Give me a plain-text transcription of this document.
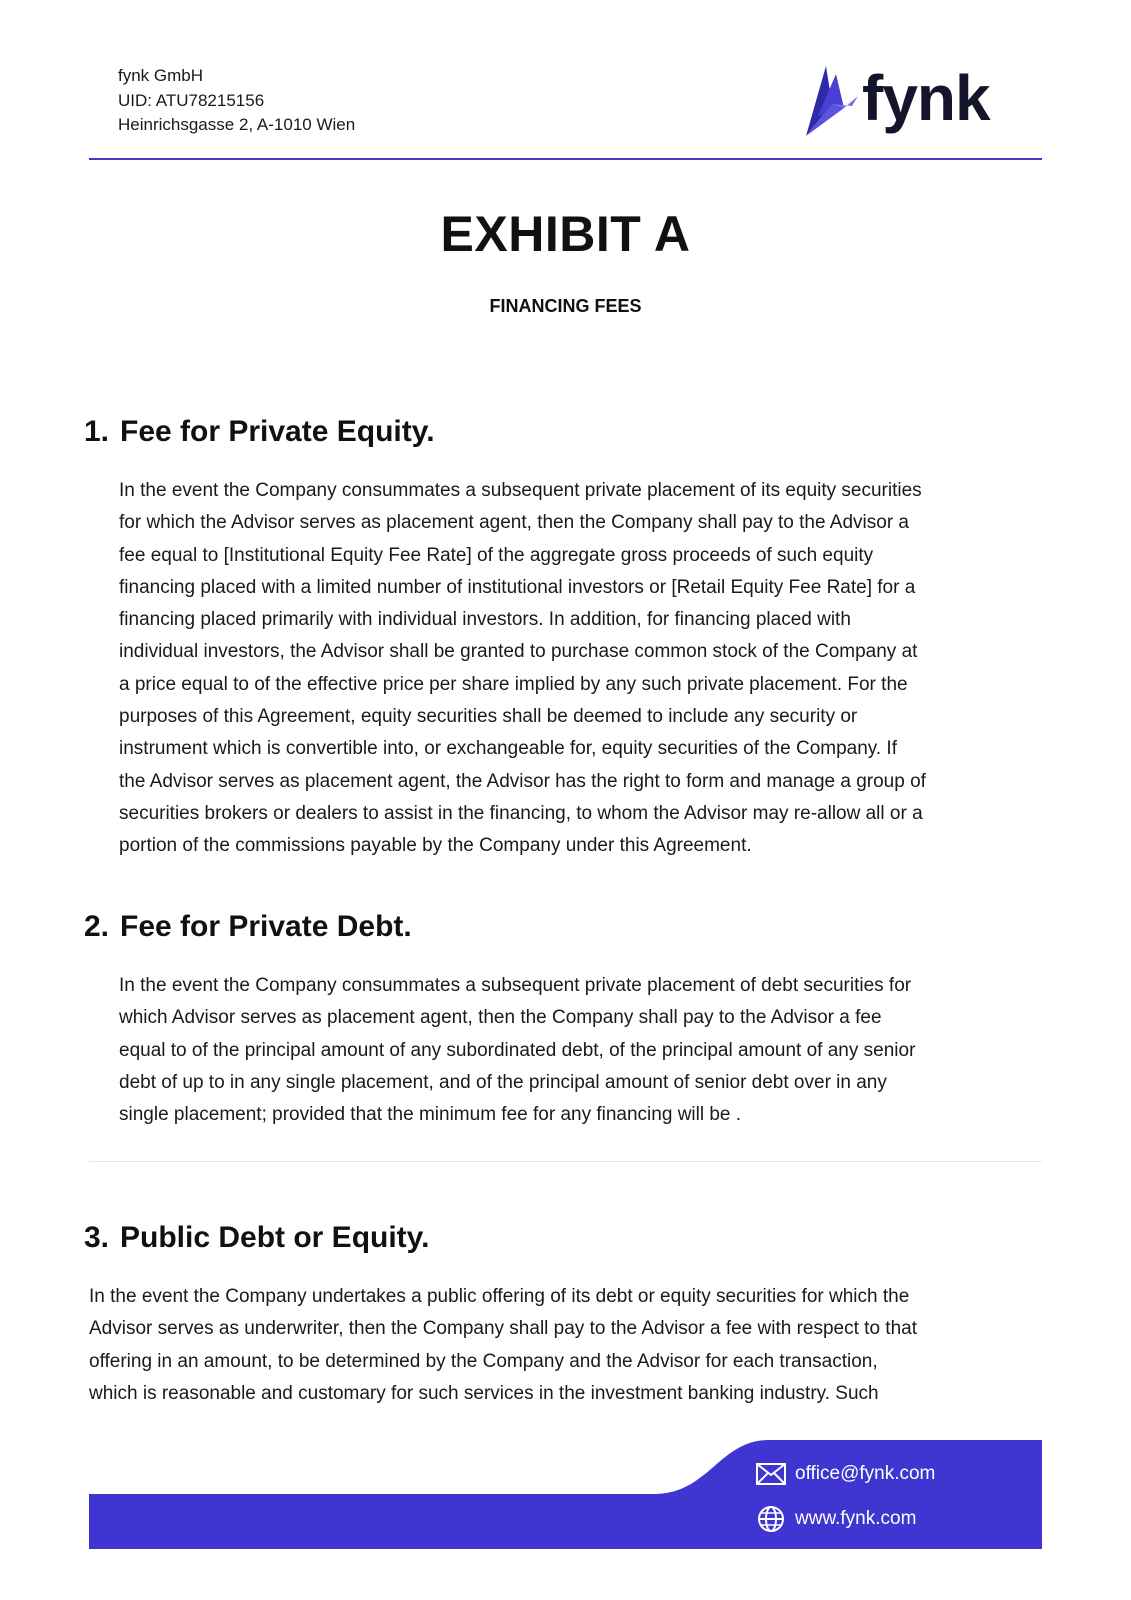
fynk GmbH
UID: ATU78215156
Heinrichsgasse 2, A-1010 Wien	fynk
EXHIBIT A
FINANCING FEES
1. Fee for Private Equity.
In the event the Company consummates a subsequent private placement of its equity securities
for which the Advisor serves as placement agent, then the Company shall pay to the Advisor a
fee equal to [Institutional Equity Fee Rate] of the aggregate gross proceeds of such equity
financing placed with a limited number of institutional investors or [Retail Equity Fee Rate] for a
financing placed primarily with individual investors. In addition, for financing placed with
individual investors, the Advisor shall be granted to purchase common stock of the Company at
a price equal to of the effective price per share implied by any such private placement. For the
purposes of this Agreement, equity securities shall be deemed to include any security or
instrument which is convertible into, or exchangeable for, equity securities of the Company. If
the Advisor serves as placement agent, the Advisor has the right to form and manage a group of
securities brokers or dealers to assist in the financing, to whom the Advisor may re-allow all or a
portion of the commissions payable by the Company under this Agreement.
2. Fee for Private Debt.
In the event the Company consummates a subsequent private placement of debt securities for
which Advisor serves as placement agent, then the Company shall pay to the Advisor a fee
equal to of the principal amount of any subordinated debt, of the principal amount of any senior
debt of up to in any single placement, and of the principal amount of senior debt over in any
single placement; provided that the minimum fee for any financing will be .
3. Public Debt or Equity.
In the event the Company undertakes a public offering of its debt or equity securities for which the
Advisor serves as underwriter, then the Company shall pay to the Advisor a fee with respect to that
offering in an amount, to be determined by the Company and the Advisor for each transaction,
which is reasonable and customary for such services in the investment banking industry. Such
office@fynk.com
www.fynk.com
